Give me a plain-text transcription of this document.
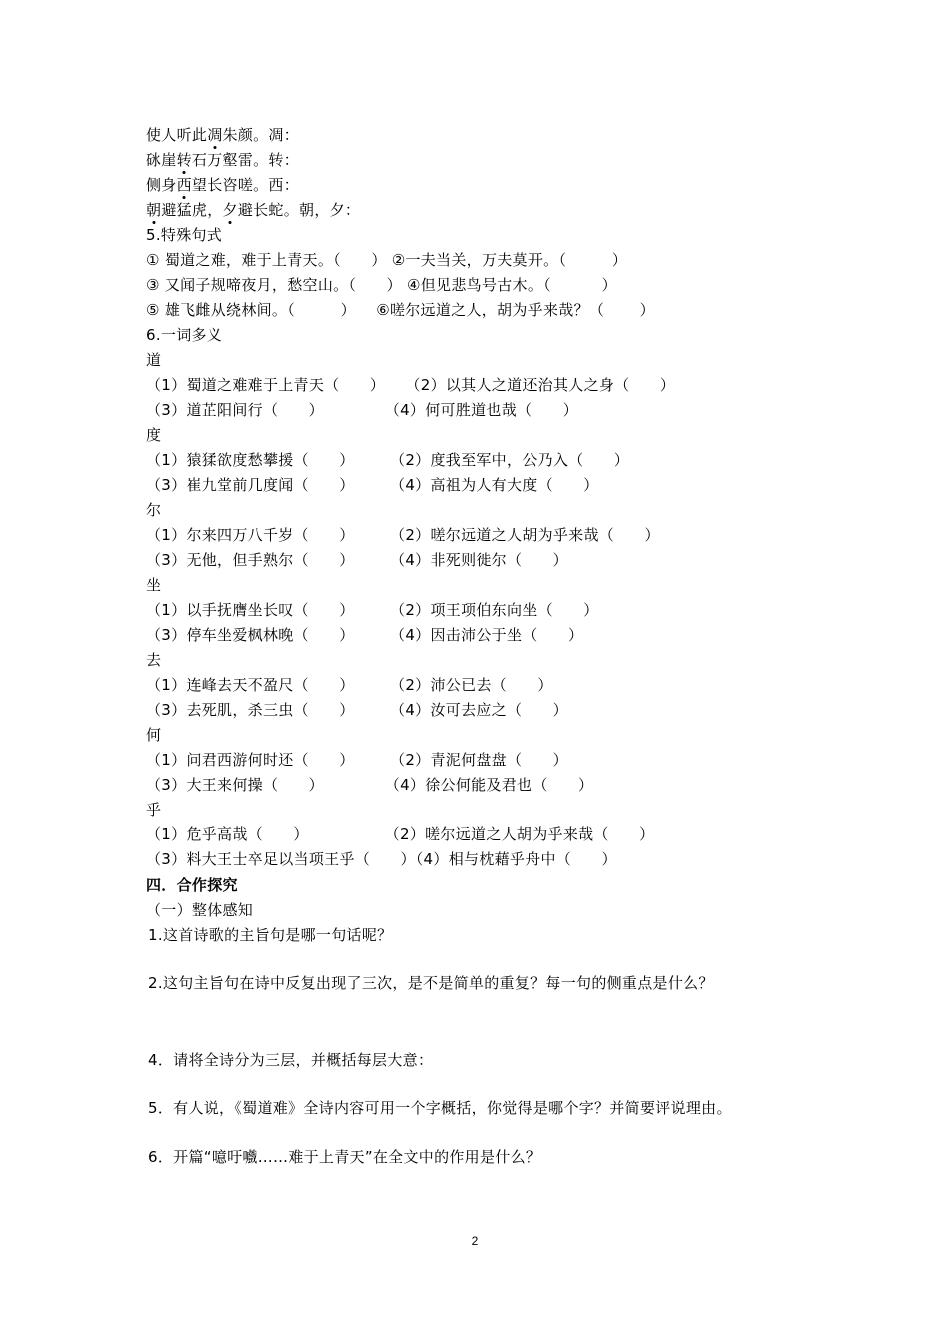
使人听此凋朱颜。凋：
砯崖转石万壑雷。转：
侧身西望长咨嗟。西：
朝避猛虎，夕避长蛇。朝，夕：
5.特殊句式
① 蜀道之难，难于上青天。（      ） ②一夫当关，万夫莫开。（         ）
③ 又闻子规啼夜月，愁空山。（      ） ④但见悲鸟号古木。（          ）
⑤ 雄飞雌从绕林间。（         ）    ⑥嗟尔远道之人，胡为乎来哉？（       ）
6.一词多义
道
（1）蜀道之难难于上青天（      ）    （2）以其人之道还治其人之身（      ）
（3）道芷阳间行（      ）            （4）何可胜道也哉（      ）
度
（1）猿猱欲度愁攀援（      ）       （2）度我至军中，公乃入（      ）
（3）崔九堂前几度闻（      ）       （4）高祖为人有大度（      ）
尔
（1）尔来四万八千岁（      ）       （2）嗟尔远道之人胡为乎来哉（      ）
（3）无他，但手熟尔（      ）       （4）非死则徙尔（      ）
坐
（1）以手抚膺坐长叹（      ）       （2）项王项伯东向坐（      ）
（3）停车坐爱枫林晚（      ）       （4）因击沛公于坐（      ）
去
（1）连峰去天不盈尺（      ）       （2）沛公已去（      ）
（3）去死肌，杀三虫（      ）       （4）汝可去应之（      ）
何
（1）问君西游何时还（      ）       （2）青泥何盘盘（      ）
（3）大王来何操（      ）            （4）徐公何能及君也（      ）
乎
（1）危乎高哉（      ）               （2）嗟尔远道之人胡为乎来哉（      ）
（3）料大王士卒足以当项王乎（      ）（4）相与枕藉乎舟中（      ）
四．合作探究
（一）整体感知
1.这首诗歌的主旨句是哪一句话呢？
2.这句主旨句在诗中反复出现了三次，是不是简单的重复？每一句的侧重点是什么？
4．请将全诗分为三层，并概括每层大意：
5．有人说，《蜀道难》全诗内容可用一个字概括，你觉得是哪个字？并简要评说理由。
6．开篇“噫吁嚱……难于上青天”在全文中的作用是什么？
2
